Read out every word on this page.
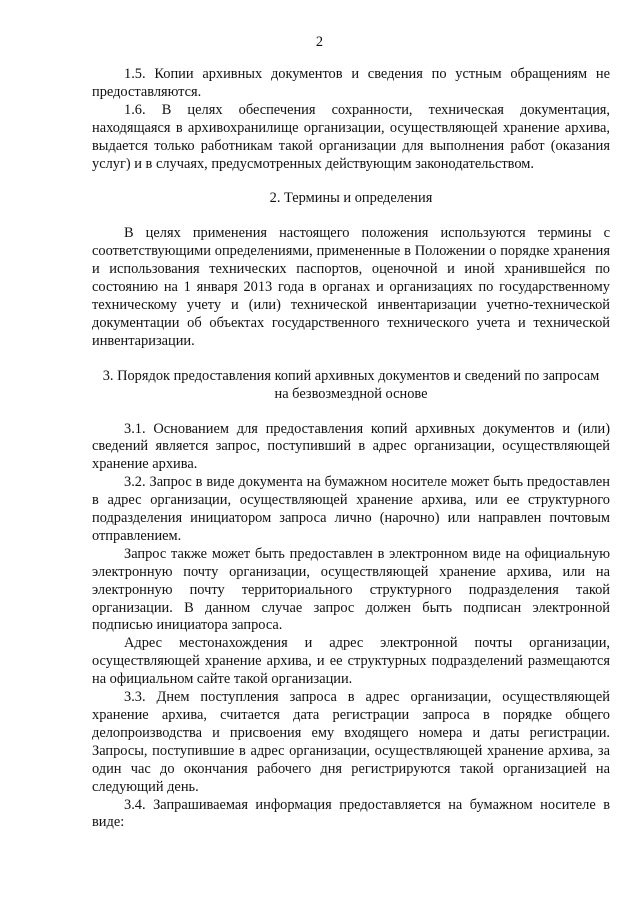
2

1.5. Копии архивных документов и сведения по устным обращениям не предоставляются.

1.6. В целях обеспечения сохранности, техническая документация, находящаяся в архивохранилище организации, осуществляющей хранение архива, выдается только работникам такой организации для выполнения работ (оказания услуг) и в случаях, предусмотренных действующим законодательством.

2. Термины и определения

В целях применения настоящего положения используются термины с соответствующими определениями, примененные в Положении о порядке хранения и использования технических паспортов, оценочной и иной хранившейся по состоянию на 1 января 2013 года в органах и организациях по государственному техническому учету и (или) технической инвентаризации учетно-технической документации об объектах государственного технического учета и технической инвентаризации.

3. Порядок предоставления копий архивных документов и сведений по запросам на безвозмездной основе

3.1. Основанием для предоставления копий архивных документов и (или) сведений является запрос, поступивший в адрес организации, осуществляющей хранение архива.

3.2. Запрос в виде документа на бумажном носителе может быть предоставлен в адрес организации, осуществляющей хранение архива, или ее структурного подразделения инициатором запроса лично (нарочно) или направлен почтовым отправлением.

Запрос также может быть предоставлен в электронном виде на официальную электронную почту организации, осуществляющей хранение архива, или на электронную почту территориального структурного подразделения такой организации. В данном случае запрос должен быть подписан электронной подписью инициатора запроса.

Адрес местонахождения и адрес электронной почты организации, осуществляющей хранение архива, и ее структурных подразделений размещаются на официальном сайте такой организации.

3.3. Днем поступления запроса в адрес организации, осуществляющей хранение архива, считается дата регистрации запроса в порядке общего делопроизводства и присвоения ему входящего номера и даты регистрации. Запросы, поступившие в адрес организации, осуществляющей хранение архива, за один час до окончания рабочего дня регистрируются такой организацией на следующий день.

3.4. Запрашиваемая информация предоставляется на бумажном носителе в виде:
